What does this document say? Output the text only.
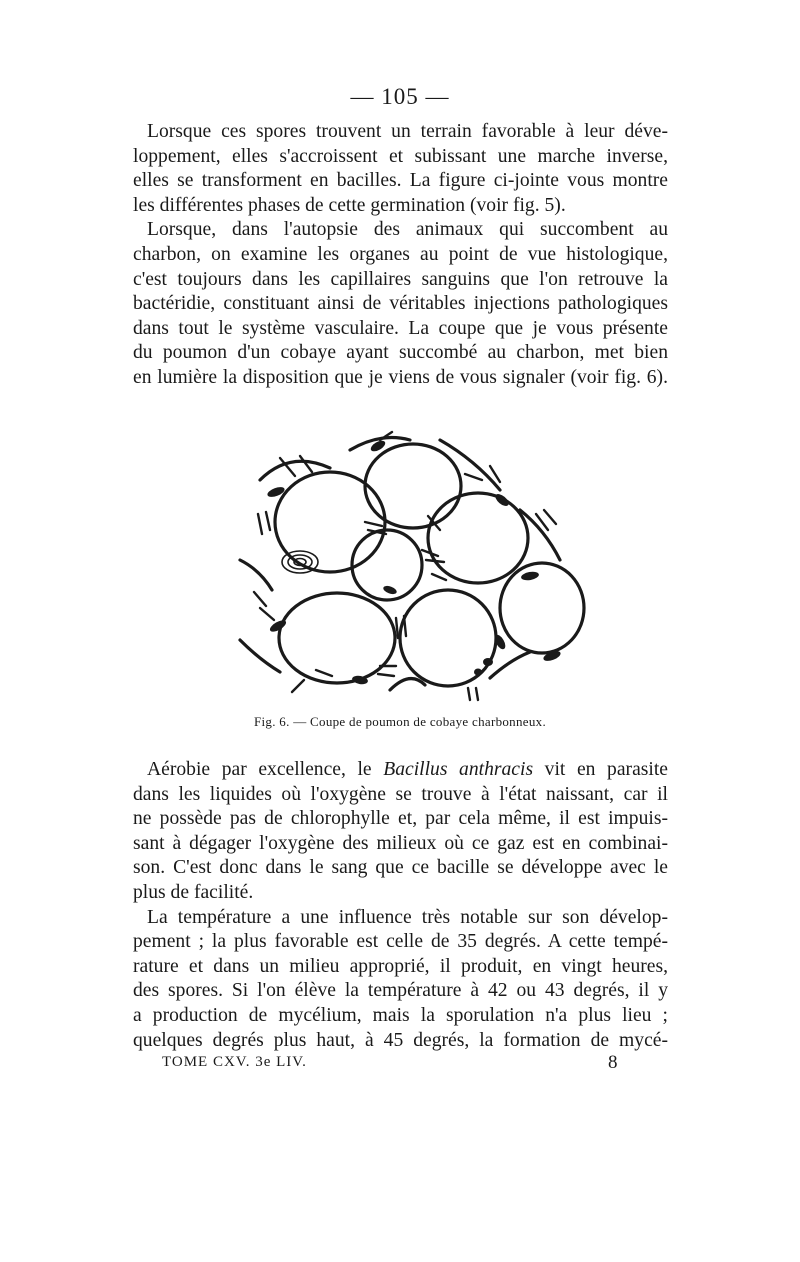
— 105 —
Lorsque ces spores trouvent un terrain favorable à leur déve-
loppement, elles s'accroissent et subissant une marche inverse,
elles se transforment en bacilles. La figure ci-jointe vous montre
les différentes phases de cette germination (voir fig. 5).
Lorsque, dans l'autopsie des animaux qui succombent au
charbon, on examine les organes au point de vue histologique,
c'est toujours dans les capillaires sanguins que l'on retrouve la
bactéridie, constituant ainsi de véritables injections pathologiques
dans tout le système vasculaire. La coupe que je vous présente
du poumon d'un cobaye ayant succombé au charbon, met bien
en lumière la disposition que je viens de vous signaler (voir fig. 6).
Fig. 6. — Coupe de poumon de cobaye charbonneux.
Aérobie par excellence, le Bacillus anthracis vit en parasite
dans les liquides où l'oxygène se trouve à l'état naissant, car il
ne possède pas de chlorophylle et, par cela même, il est impuis-
sant à dégager l'oxygène des milieux où ce gaz est en combinai-
son. C'est donc dans le sang que ce bacille se développe avec le
plus de facilité.
La température a une influence très notable sur son dévelop-
pement ; la plus favorable est celle de 35 degrés. A cette tempé-
rature et dans un milieu approprié, il produit, en vingt heures,
des spores. Si l'on élève la température à 42 ou 43 degrés, il y
a production de mycélium, mais la sporulation n'a plus lieu ;
quelques degrés plus haut, à 45 degrés, la formation de mycé-
TOME CXV. 3e LIV.	8
